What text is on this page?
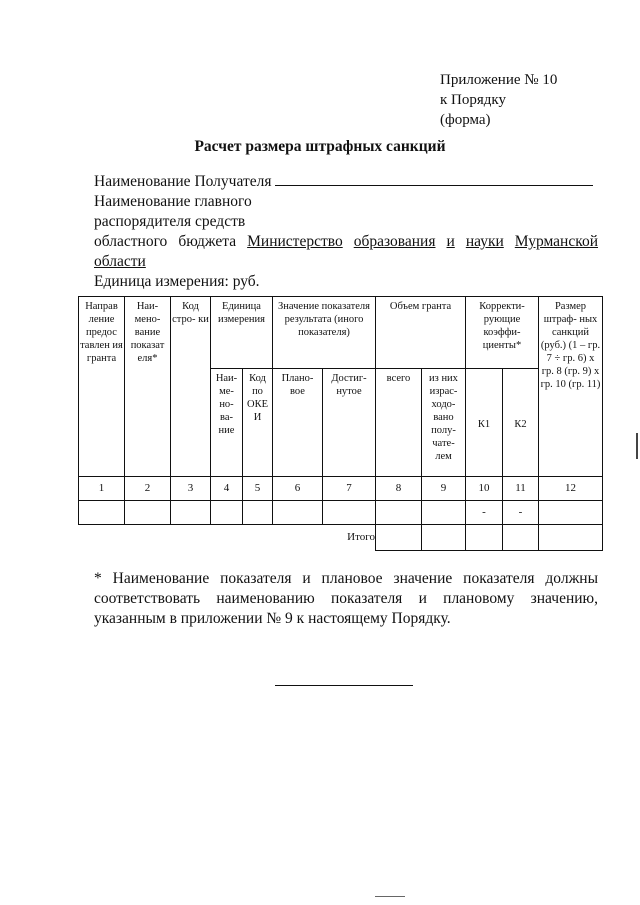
Приложение № 10
к Порядку
(форма)
Расчет размера штрафных санкций
Наименование Получателя
Наименование главного
распорядителя средств
областного бюджета Министерство образования и науки Мурманской
области
Единица измерения: руб.
Направ ление предос тавлен ия гранта	Наи- мено- вание показат еля*	Код стро- ки	Единица измерения		Значение показателя результата (иного показателя)		Объем гранта		Корректи- рующие коэффи- циенты*		Размер штраф- ных санкций (руб.) (1 – гр. 7 ÷ гр. 6) х гр. 8 (гр. 9) х гр. 10 (гр. 11)
			Наи- ме- но- ва- ние	Код по ОКЕ И	Плано- вое	Достиг- нутое	всего	из них израс- ходо- вано полу- чате- лем	К1	К2	
1	2	3	4	5	6	7	8	9	10	11	12
									-	-	
Итого											
* Наименование показателя и плановое значение показателя должны соответствовать наименованию показателя и плановому значению, указанным в приложении № 9 к настоящему Порядку.
